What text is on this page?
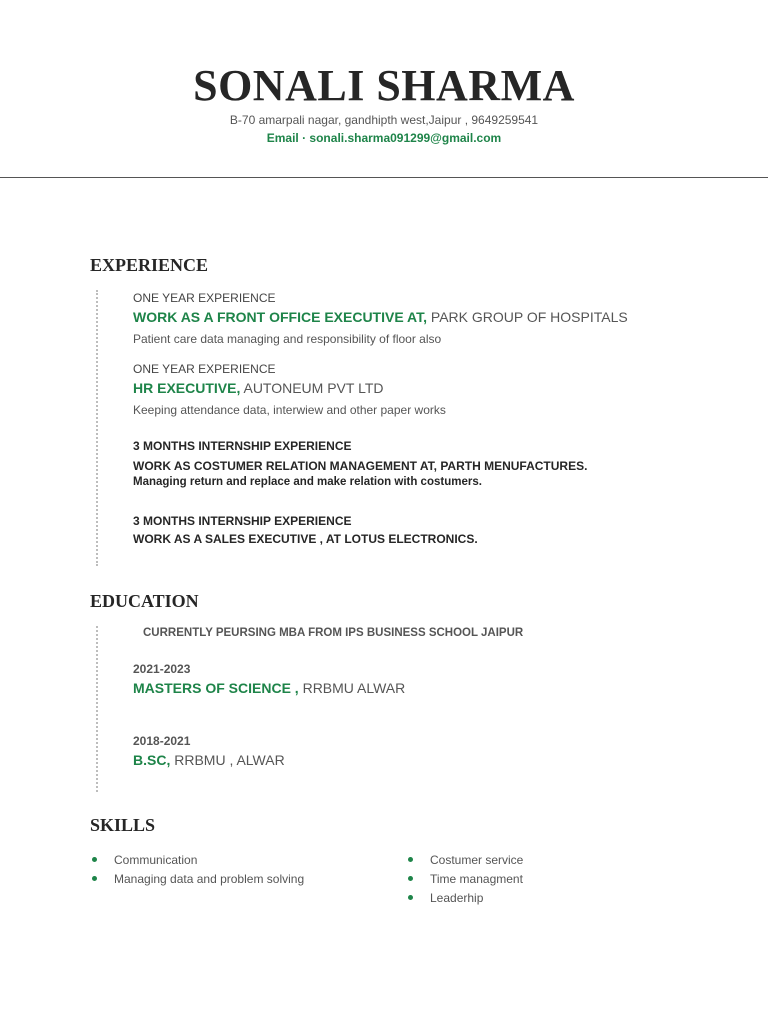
SONALI SHARMA
B-70 amarpali nagar, gandhipth west,Jaipur , 9649259541
Email · sonali.sharma091299@gmail.com
EXPERIENCE
ONE YEAR EXPERIENCE
WORK AS A FRONT OFFICE EXECUTIVE AT, PARK GROUP OF HOSPITALS
Patient care data managing and responsibility of floor also
ONE YEAR EXPERIENCE
HR EXECUTIVE, AUTONEUM PVT LTD
Keeping attendance data, interwiew and other paper works
3 MONTHS INTERNSHIP EXPERIENCE
WORK AS COSTUMER RELATION MANAGEMENT AT, PARTH MENUFACTURES.
Managing return and replace and make relation with costumers.
3 MONTHS INTERNSHIP EXPERIENCE
WORK AS A SALES EXECUTIVE , AT LOTUS ELECTRONICS.
EDUCATION
CURRENTLY PEURSING MBA FROM IPS BUSINESS SCHOOL JAIPUR
2021-2023
MASTERS OF SCIENCE , RRBMU ALWAR
2018-2021
B.SC, RRBMU , ALWAR
SKILLS
Communication
Managing data and problem solving
Costumer service
Time managment
Leaderhip
